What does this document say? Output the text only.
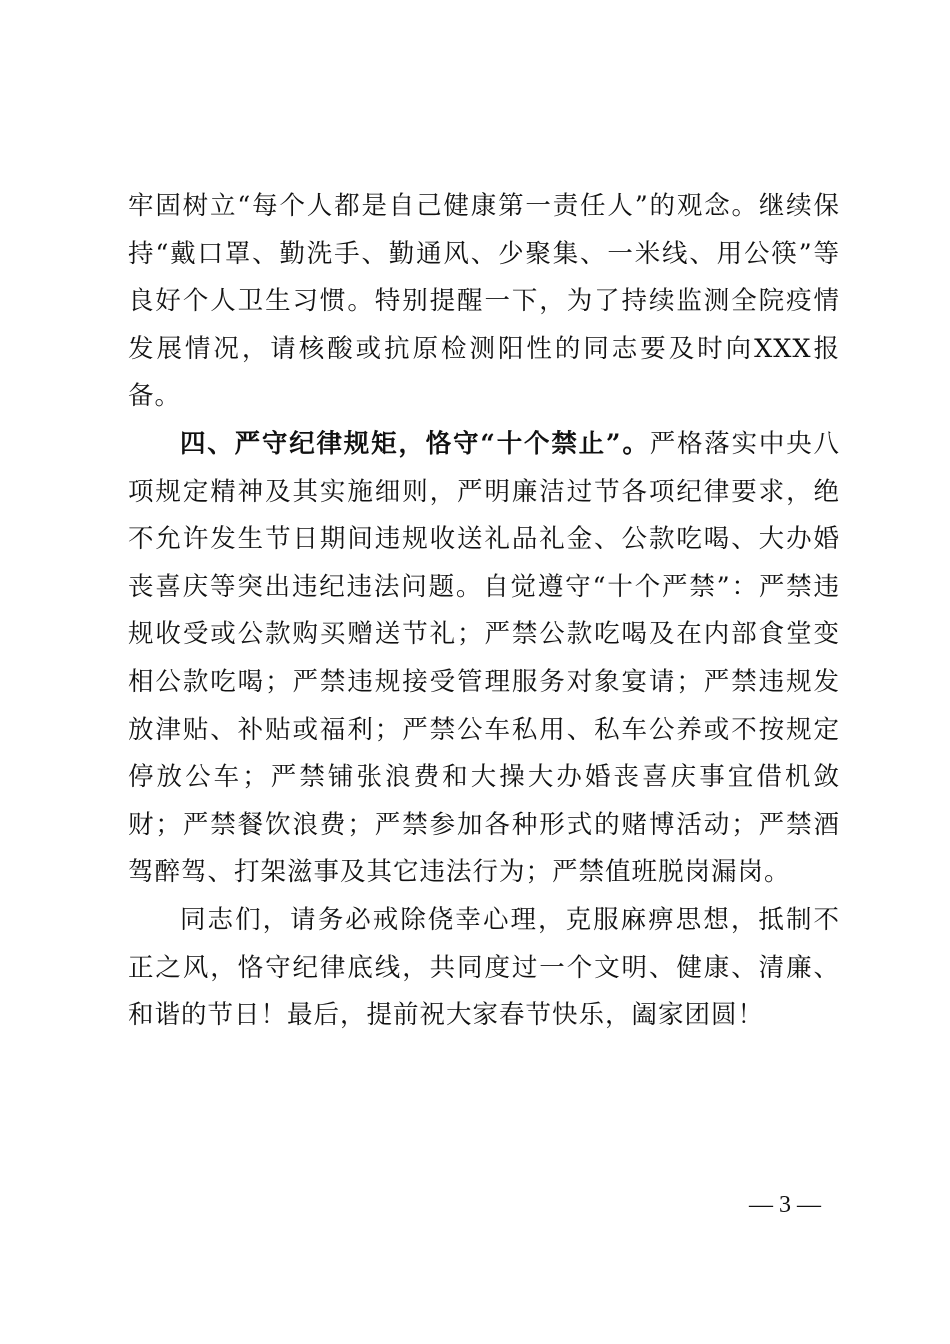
牢固树立“每个人都是自己健康第一责任人”的观念。继续保持“戴口罩、勤洗手、勤通风、少聚集、一米线、用公筷”等良好个人卫生习惯。特别提醒一下，为了持续监测全院疫情发展情况，请核酸或抗原检测阳性的同志要及时向XXX报备。

四、严守纪律规矩，恪守“十个禁止”。严格落实中央八项规定精神及其实施细则，严明廉洁过节各项纪律要求，绝不允许发生节日期间违规收送礼品礼金、公款吃喝、大办婚丧喜庆等突出违纪违法问题。自觉遵守“十个严禁”：严禁违规收受或公款购买赠送节礼；严禁公款吃喝及在内部食堂变相公款吃喝；严禁违规接受管理服务对象宴请；严禁违规发放津贴、补贴或福利；严禁公车私用、私车公养或不按规定停放公车；严禁铺张浪费和大操大办婚丧喜庆事宜借机敛财；严禁餐饮浪费；严禁参加各种形式的赌博活动；严禁酒驾醉驾、打架滋事及其它违法行为；严禁值班脱岗漏岗。

同志们，请务必戒除侥幸心理，克服麻痹思想，抵制不正之风，恪守纪律底线，共同度过一个文明、健康、清廉、和谐的节日！最后，提前祝大家春节快乐，阖家团圆！

— 3 —
